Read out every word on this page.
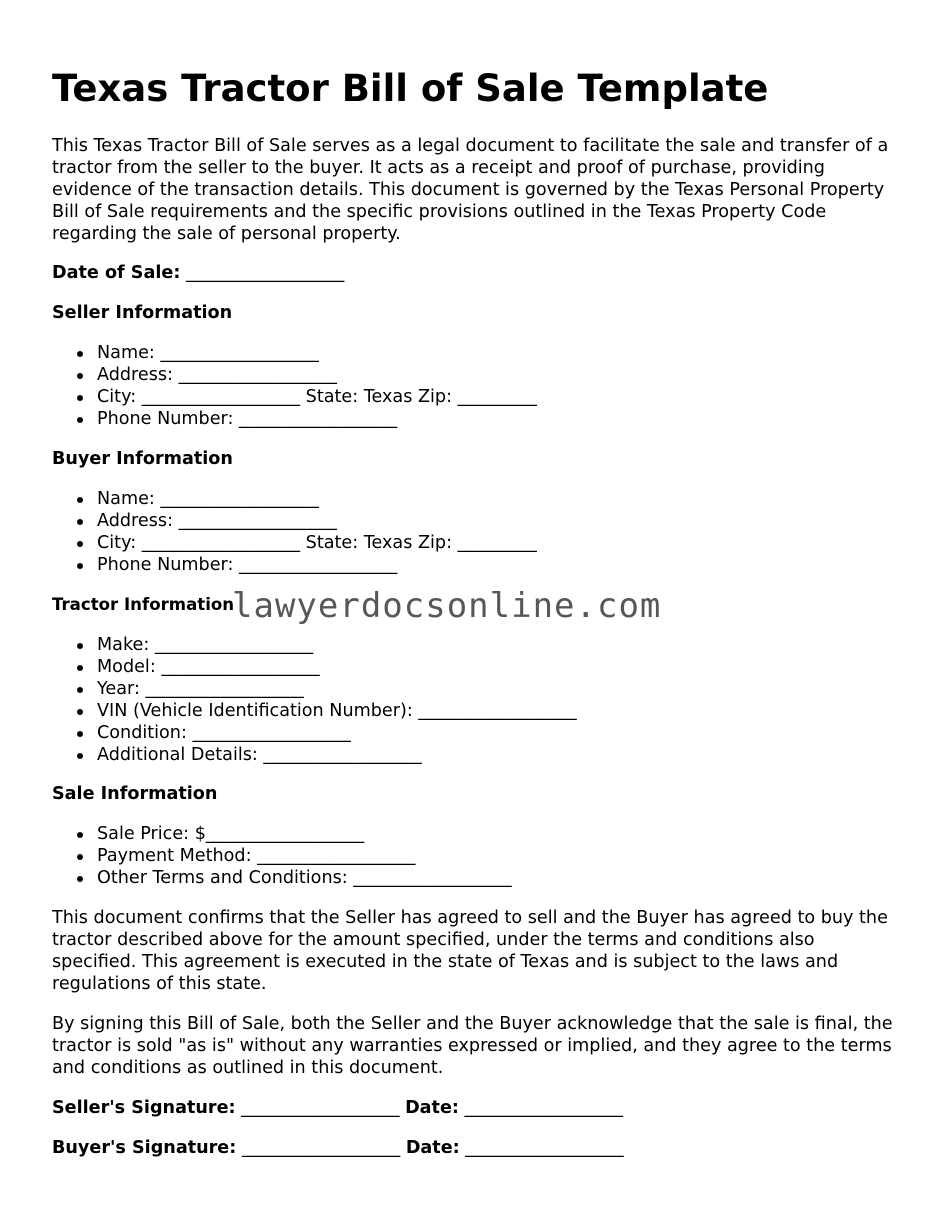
Texas Tractor Bill of Sale Template

This Texas Tractor Bill of Sale serves as a legal document to facilitate the sale and transfer of a tractor from the seller to the buyer. It acts as a receipt and proof of purchase, providing evidence of the transaction details. This document is governed by the Texas Personal Property Bill of Sale requirements and the specific provisions outlined in the Texas Property Code regarding the sale of personal property.

Date of Sale: __________________

Seller Information

Name: __________________
Address: __________________
City: __________________ State: Texas Zip: _________
Phone Number: __________________

Buyer Information

Name: __________________
Address: __________________
City: __________________ State: Texas Zip: _________
Phone Number: __________________

Tractor Information

Make: __________________
Model: __________________
Year: __________________
VIN (Vehicle Identification Number): __________________
Condition: __________________
Additional Details: __________________

Sale Information

Sale Price: $__________________
Payment Method: __________________
Other Terms and Conditions: __________________

This document confirms that the Seller has agreed to sell and the Buyer has agreed to buy the tractor described above for the amount specified, under the terms and conditions also specified. This agreement is executed in the state of Texas and is subject to the laws and regulations of this state.

By signing this Bill of Sale, both the Seller and the Buyer acknowledge that the sale is final, the tractor is sold "as is" without any warranties expressed or implied, and they agree to the terms and conditions as outlined in this document.

Seller's Signature: __________________ Date: __________________

Buyer's Signature: __________________ Date: __________________

lawyerdocsonline.com
